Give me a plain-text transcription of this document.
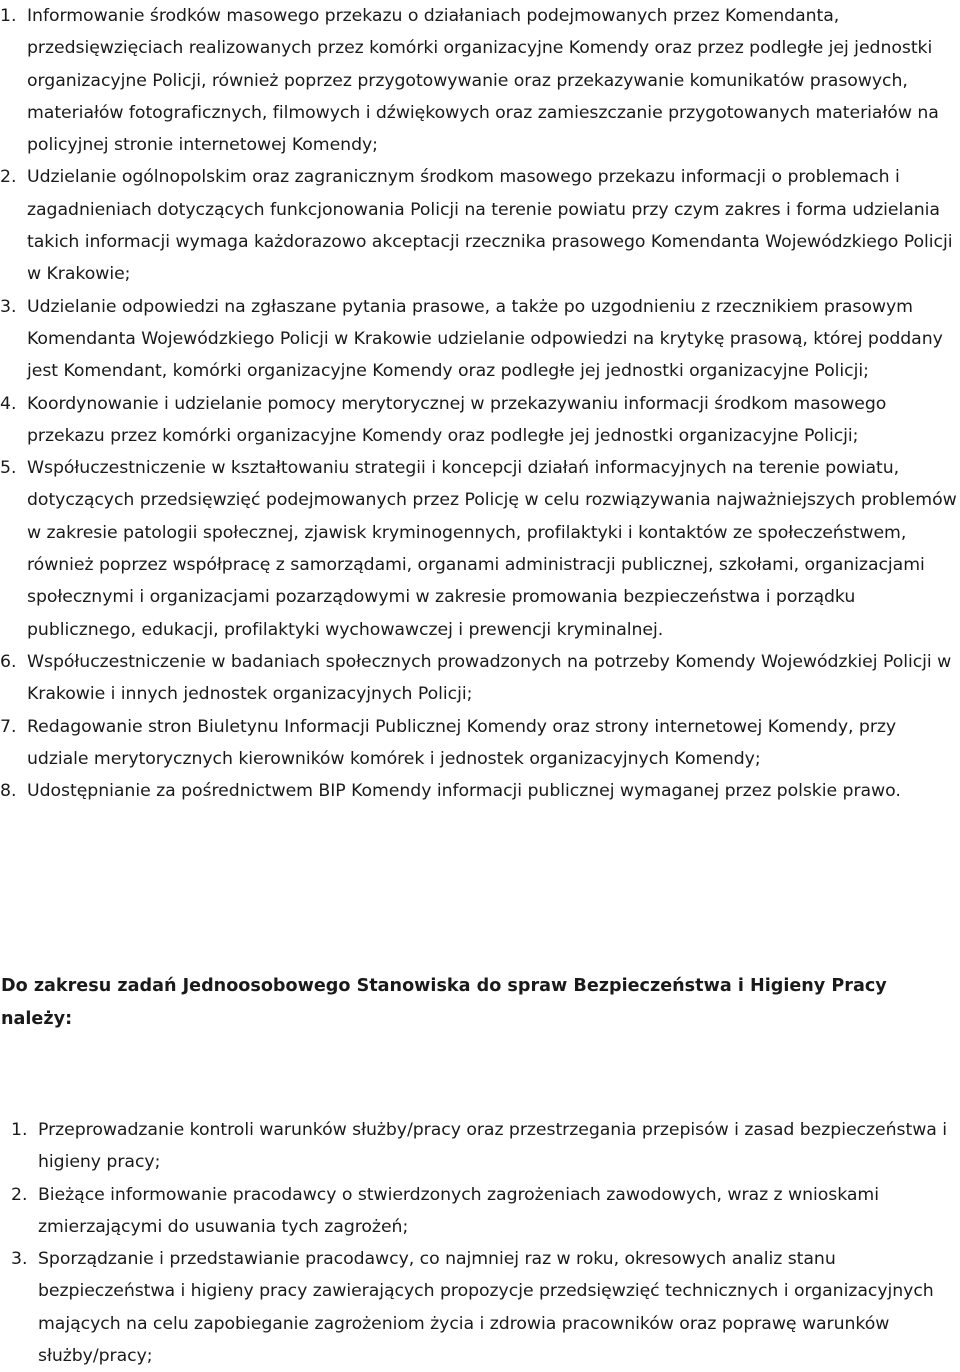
1. Informowanie środków masowego przekazu o działaniach podejmowanych przez Komendanta, przedsięwzięciach realizowanych przez komórki organizacyjne Komendy oraz przez podległe jej jednostki organizacyjne Policji, również poprzez przygotowywanie oraz przekazywanie komunikatów prasowych, materiałów fotograficznych, filmowych i dźwiękowych oraz zamieszczanie przygotowanych materiałów na policyjnej stronie internetowej Komendy;
2. Udzielanie ogólnopolskim oraz zagranicznym środkom masowego przekazu informacji o problemach i zagadnieniach dotyczących funkcjonowania Policji na terenie powiatu przy czym zakres i forma udzielania takich informacji wymaga każdorazowo akceptacji rzecznika prasowego Komendanta Wojewódzkiego Policji w Krakowie;
3. Udzielanie odpowiedzi na zgłaszane pytania prasowe, a także po uzgodnieniu z rzecznikiem prasowym Komendanta Wojewódzkiego Policji w Krakowie udzielanie odpowiedzi na krytykę prasową, której poddany jest Komendant, komórki organizacyjne Komendy oraz podległe jej jednostki organizacyjne Policji;
4. Koordynowanie i udzielanie pomocy merytorycznej w przekazywaniu informacji środkom masowego przekazu przez komórki organizacyjne Komendy oraz podległe jej jednostki organizacyjne Policji;
5. Współuczestniczenie w kształtowaniu strategii i koncepcji działań informacyjnych na terenie powiatu, dotyczących przedsięwzięć podejmowanych przez Policję w celu rozwiązywania najważniejszych problemów w zakresie patologii społecznej, zjawisk kryminogennych, profilaktyki i kontaktów ze społeczeństwem, również poprzez współpracę z samorządami, organami administracji publicznej, szkołami, organizacjami społecznymi i organizacjami pozarządowymi w zakresie promowania bezpieczeństwa i porządku publicznego, edukacji, profilaktyki wychowawczej i prewencji kryminalnej.
6. Współuczestniczenie w badaniach społecznych prowadzonych na potrzeby Komendy Wojewódzkiej Policji w Krakowie i innych jednostek organizacyjnych Policji;
7. Redagowanie stron Biuletynu Informacji Publicznej Komendy oraz strony internetowej Komendy, przy udziale merytorycznych kierowników komórek i jednostek organizacyjnych Komendy;
8. Udostępnianie za pośrednictwem BIP Komendy informacji publicznej wymaganej przez polskie prawo.
Do zakresu zadań Jednoosobowego Stanowiska do spraw Bezpieczeństwa i Higieny Pracy należy:
1. Przeprowadzanie kontroli warunków służby/pracy oraz przestrzegania przepisów i zasad bezpieczeństwa i higieny pracy;
2. Bieżące informowanie pracodawcy o stwierdzonych zagrożeniach zawodowych, wraz z wnioskami zmierzającymi do usuwania tych zagrożeń;
3. Sporządzanie i przedstawianie pracodawcy, co najmniej raz w roku, okresowych analiz stanu bezpieczeństwa i higieny pracy zawierających propozycje przedsięwzięć technicznych i organizacyjnych mających na celu zapobieganie zagrożeniom życia i zdrowia pracowników oraz poprawę warunków służby/pracy;
